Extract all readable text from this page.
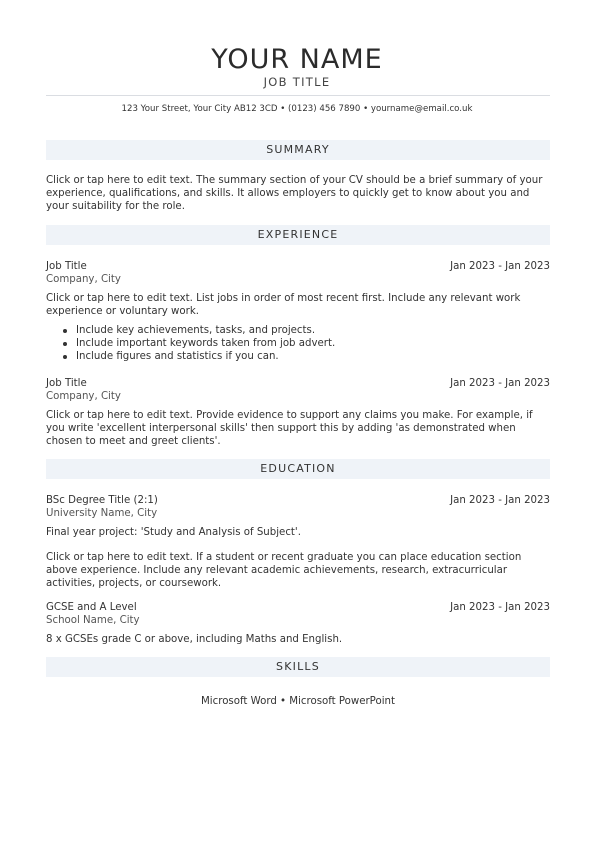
YOUR NAME
JOB TITLE
123 Your Street, Your City AB12 3CD • (0123) 456 7890 • yourname@email.co.uk
SUMMARY
Click or tap here to edit text. The summary section of your CV should be a brief summary of your experience, qualifications, and skills. It allows employers to quickly get to know about you and your suitability for the role.
EXPERIENCE
Job Title	Jan 2023 - Jan 2023
Company, City
Click or tap here to edit text. List jobs in order of most recent first. Include any relevant work experience or voluntary work.
Include key achievements, tasks, and projects.
Include important keywords taken from job advert.
Include figures and statistics if you can.
Job Title	Jan 2023 - Jan 2023
Company, City
Click or tap here to edit text. Provide evidence to support any claims you make. For example, if you write 'excellent interpersonal skills' then support this by adding 'as demonstrated when chosen to meet and greet clients'.
EDUCATION
BSc Degree Title (2:1)	Jan 2023 - Jan 2023
University Name, City
Final year project: 'Study and Analysis of Subject'.
Click or tap here to edit text. If a student or recent graduate you can place education section above experience. Include any relevant academic achievements, research, extracurricular activities, projects, or coursework.
GCSE and A Level	Jan 2023 - Jan 2023
School Name, City
8 x GCSEs grade C or above, including Maths and English.
SKILLS
Microsoft Word • Microsoft PowerPoint
